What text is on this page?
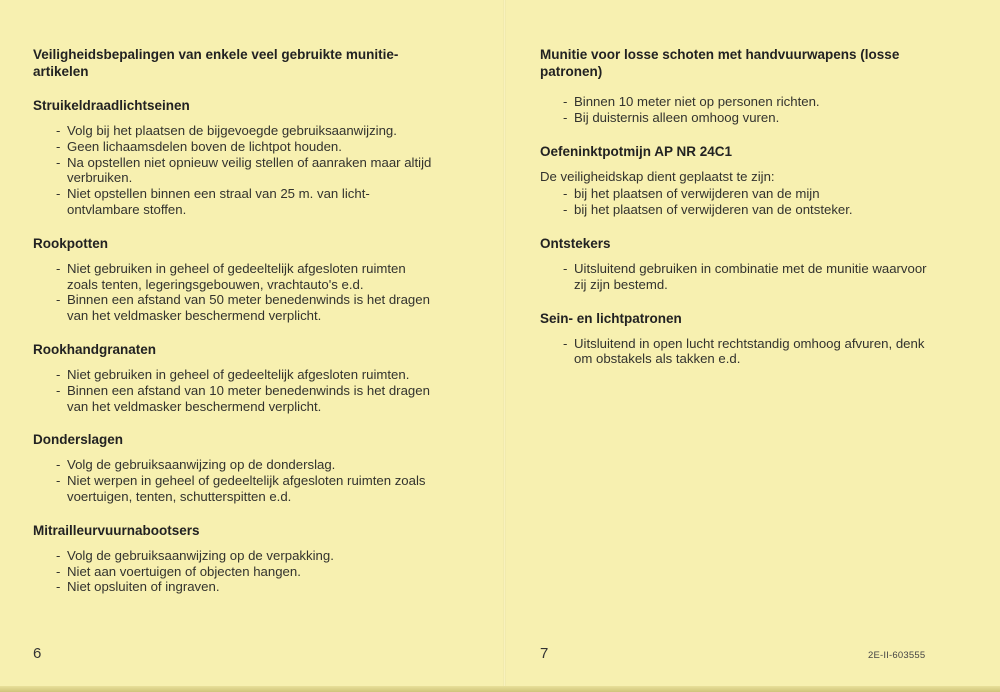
Veiligheidsbepalingen van enkele veel gebruikte munitie-artikelen
Struikeldraadlichtseinen
- Volg bij het plaatsen de bijgevoegde gebruiksaanwijzing.
- Geen lichaamsdelen boven de lichtpot houden.
- Na opstellen niet opnieuw veilig stellen of aanraken maar altijd verbruiken.
- Niet opstellen binnen een straal van 25 m. van licht-ontvlambare stoffen.
Rookpotten
- Niet gebruiken in geheel of gedeeltelijk afgesloten ruimten zoals tenten, legeringsgebouwen, vrachtauto's e.d.
- Binnen een afstand van 50 meter benedenwinds is het dragen van het veldmasker beschermend verplicht.
Rookhandgranaten
- Niet gebruiken in geheel of gedeeltelijk afgesloten ruimten.
- Binnen een afstand van 10 meter benedenwinds is het dragen van het veldmasker beschermend verplicht.
Donderslagen
- Volg de gebruiksaanwijzing op de donderslag.
- Niet werpen in geheel of gedeeltelijk afgesloten ruimten zoals voertuigen, tenten, schutterspitten e.d.
Mitrailleurvuurnabootsers
- Volg de gebruiksaanwijzing op de verpakking.
- Niet aan voertuigen of objecten hangen.
- Niet opsluiten of ingraven.
6
Munitie voor losse schoten met handvuurwapens (losse patronen)
- Binnen 10 meter niet op personen richten.
- Bij duisternis alleen omhoog vuren.
Oefeninktpotmijn AP NR 24C1
De veiligheidskap dient geplaatst te zijn:
- bij het plaatsen of verwijderen van de mijn
- bij het plaatsen of verwijderen van de ontsteker.
Ontstekers
- Uitsluitend gebruiken in combinatie met de munitie waarvoor zij zijn bestemd.
Sein- en lichtpatronen
- Uitsluitend in open lucht rechtstandig omhoog afvuren, denk om obstakels als takken e.d.
7	2E-II-603555
